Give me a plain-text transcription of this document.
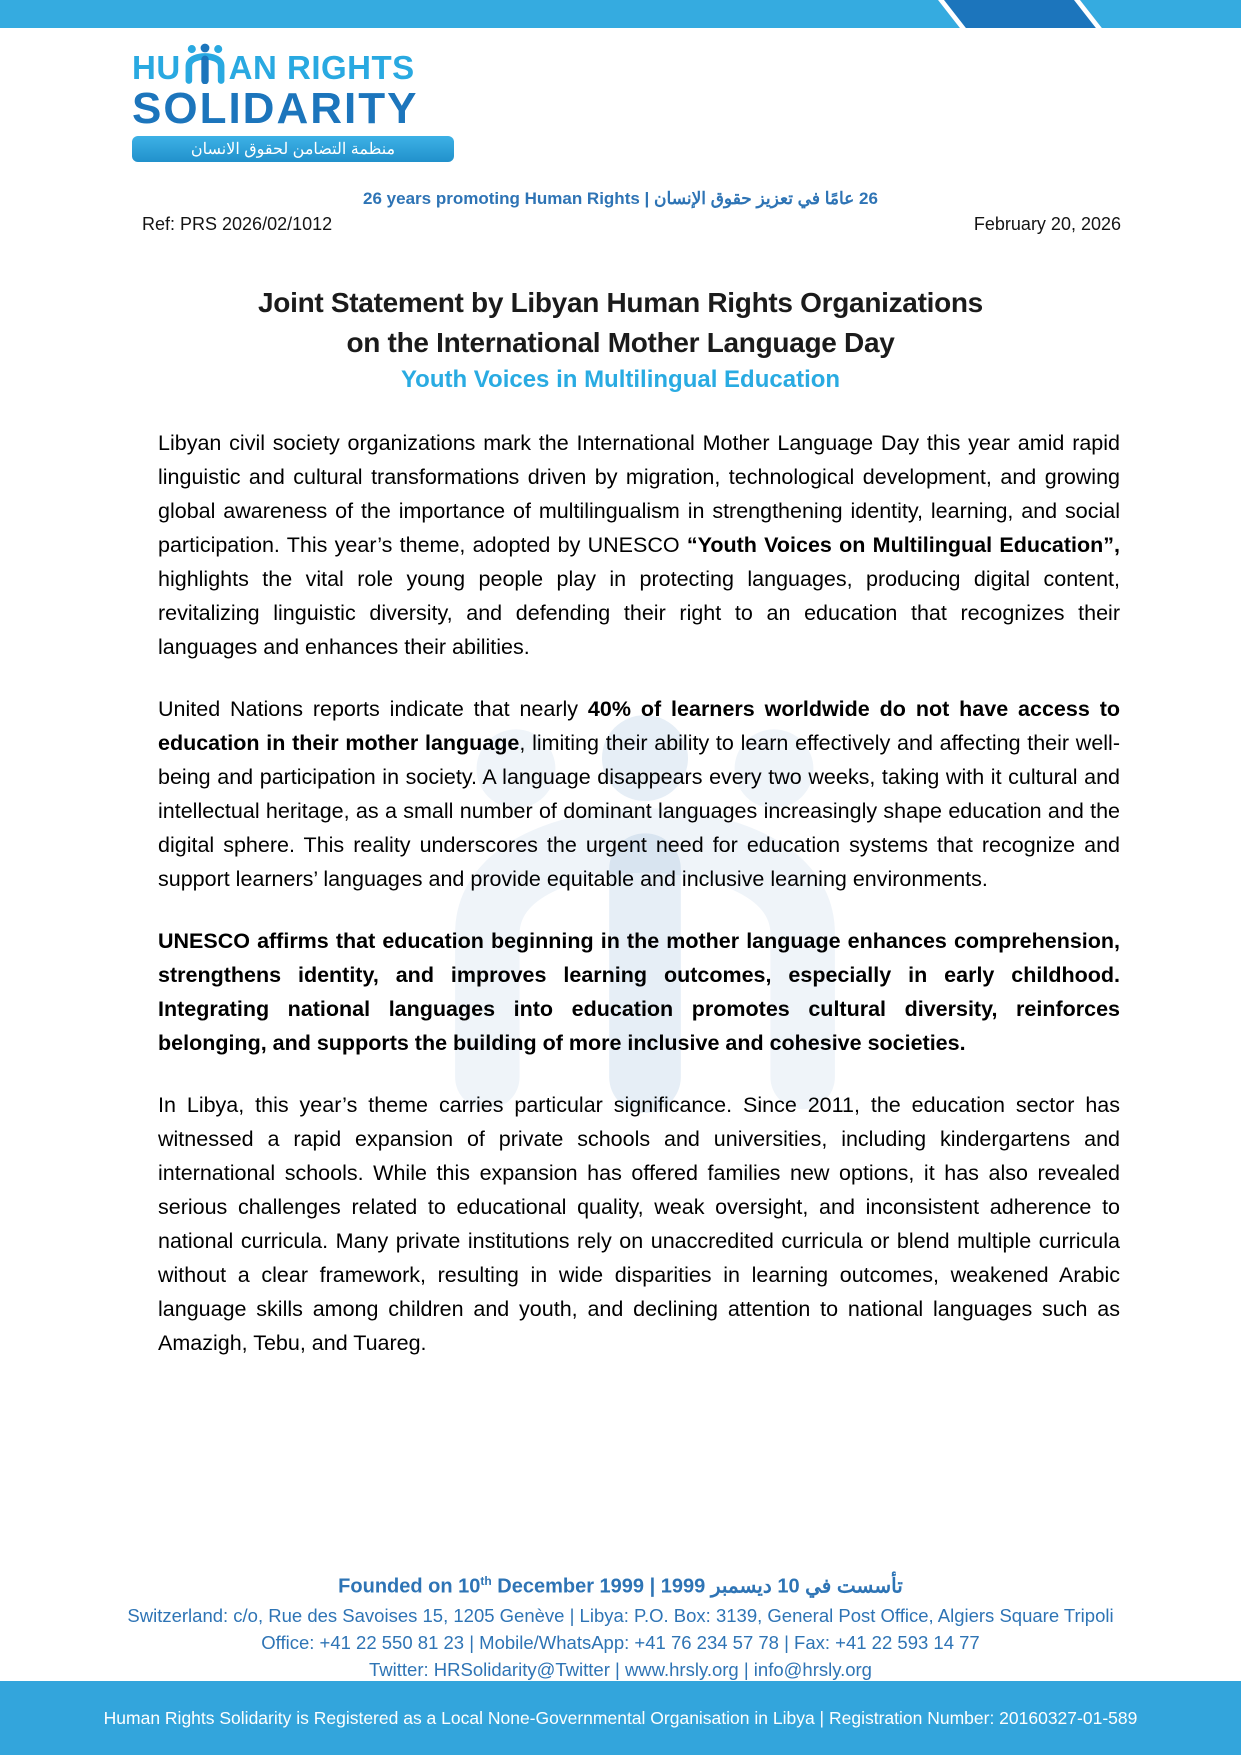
HU AN RIGHTS
SOLIDARITY
منظمة التضامن لحقوق الانسان
26 years promoting Human Rights | 26 عامًا في تعزيز حقوق الإنسان
Ref: PRS 2026/02/1012	February 20, 2026
Joint Statement by Libyan Human Rights Organizations
on the International Mother Language Day
Youth Voices in Multilingual Education

Libyan civil society organizations mark the International Mother Language Day this year amid rapid linguistic and cultural transformations driven by migration, technological development, and growing global awareness of the importance of multilingualism in strengthening identity, learning, and social participation. This year’s theme, adopted by UNESCO “Youth Voices on Multilingual Education”, highlights the vital role young people play in protecting languages, producing digital content, revitalizing linguistic diversity, and defending their right to an education that recognizes their languages and enhances their abilities.

United Nations reports indicate that nearly 40% of learners worldwide do not have access to education in their mother language, limiting their ability to learn effectively and affecting their well-being and participation in society. A language disappears every two weeks, taking with it cultural and intellectual heritage, as a small number of dominant languages increasingly shape education and the digital sphere. This reality underscores the urgent need for education systems that recognize and support learners’ languages and provide equitable and inclusive learning environments.

UNESCO affirms that education beginning in the mother language enhances comprehension, strengthens identity, and improves learning outcomes, especially in early childhood. Integrating national languages into education promotes cultural diversity, reinforces belonging, and supports the building of more inclusive and cohesive societies.

In Libya, this year’s theme carries particular significance. Since 2011, the education sector has witnessed a rapid expansion of private schools and universities, including kindergartens and international schools. While this expansion has offered families new options, it has also revealed serious challenges related to educational quality, weak oversight, and inconsistent adherence to national curricula. Many private institutions rely on unaccredited curricula or blend multiple curricula without a clear framework, resulting in wide disparities in learning outcomes, weakened Arabic language skills among children and youth, and declining attention to national languages such as Amazigh, Tebu, and Tuareg.

Founded on 10th December 1999 | تأسست في 10 ديسمبر 1999
Switzerland: c/o, Rue des Savoises 15, 1205 Genève | Libya: P.O. Box: 3139, General Post Office, Algiers Square Tripoli
Office: +41 22 550 81 23 | Mobile/WhatsApp: +41 76 234 57 78 | Fax: +41 22 593 14 77
Twitter: HRSolidarity@Twitter | www.hrsly.org | info@hrsly.org
Human Rights Solidarity is Registered as a Local None-Governmental Organisation in Libya | Registration Number: 20160327-01-589
